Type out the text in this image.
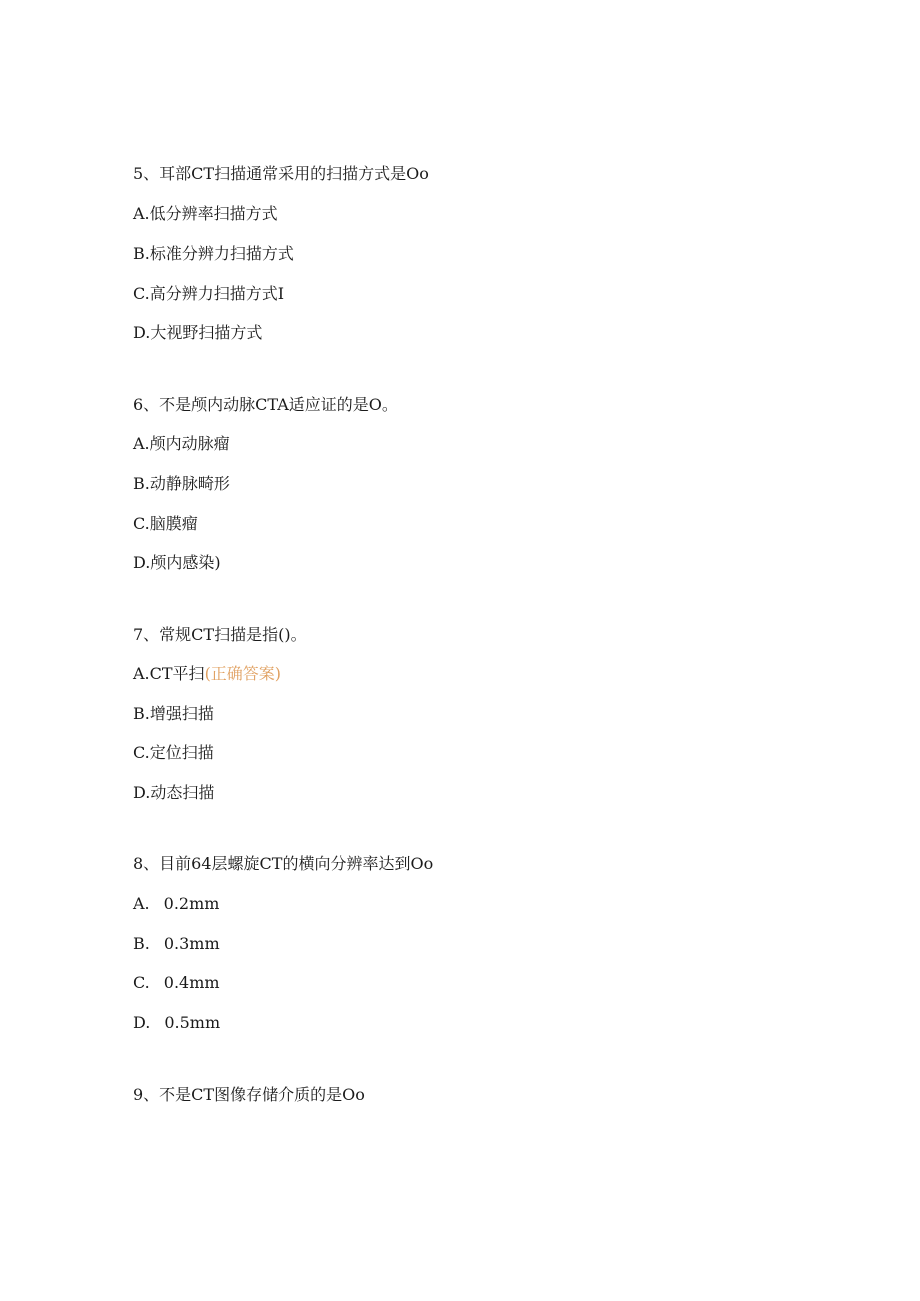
5、耳部CT扫描通常采用的扫描方式是Oo
A.低分辨率扫描方式
B.标准分辨力扫描方式
C.高分辨力扫描方式I
D.大视野扫描方式
6、不是颅内动脉CTA适应证的是O。
A.颅内动脉瘤
B.动静脉畸形
C.脑膜瘤
D.颅内感染)
7、常规CT扫描是指()。
A.CT平扫(正确答案)
B.增强扫描
C.定位扫描
D.动态扫描
8、目前64层螺旋CT的横向分辨率达到Oo
A. 0.2mm
B. 0.3mm
C. 0.4mm
D. 0.5mm
9、不是CT图像存储介质的是Oo
